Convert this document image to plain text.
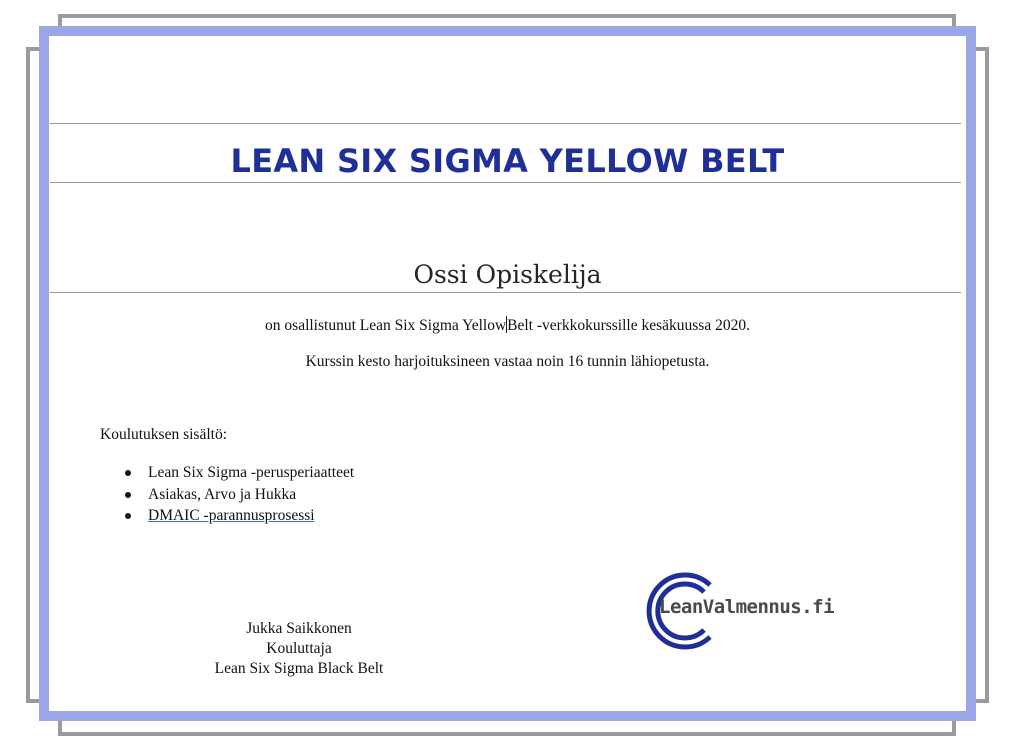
LEAN SIX SIGMA YELLOW BELT
Ossi Opiskelija
on osallistunut Lean Six Sigma YellowBelt -verkkokurssille kesäkuussa 2020.
Kurssin kesto harjoituksineen vastaa noin 16 tunnin lähiopetusta.
Koulutuksen sisältö:
Lean Six Sigma -perusperiaatteet
Asiakas, Arvo ja Hukka
DMAIC -parannusprosessi
Jukka Saikkonen
Kouluttaja
Lean Six Sigma Black Belt
LeanValmennus.fi
